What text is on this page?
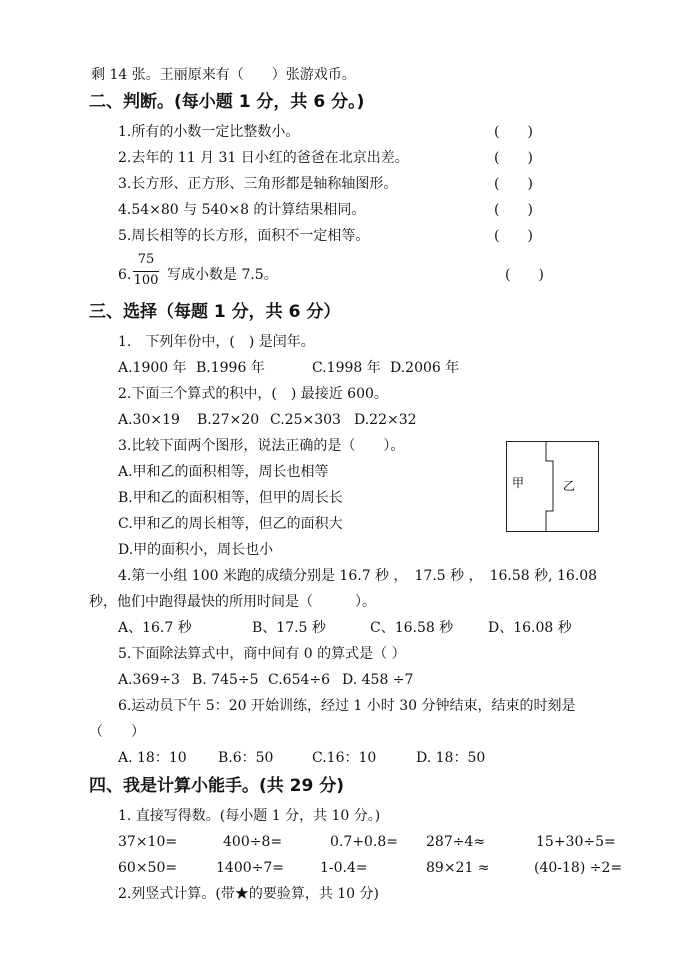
剩 14 张。王丽原来有（　　）张游戏币。
二、判断。(每小题 1 分，共 6 分。)
1.所有的小数一定比整数小。	(　　)
2.去年的 11 月 31 日小红的爸爸在北京出差。	(　　)
3.长方形、正方形、三角形都是轴称轴图形。	(　　)
4.54×80 与 540×8 的计算结果相同。	(　　)
5.周长相等的长方形，面积不一定相等。	(　　)
6.
75
100 写成小数是 7.5。	(　　)
三、选择（每题 1 分，共 6 分）
1.　下列年份中，(　) 是闰年。
A.1900 年 B.1996 年	C.1998 年 D.2006 年
2.下面三个算式的积中，(　) 最接近 600。
A.30×19 B.27×20 C.25×303 D.22×32
3.比较下面两个图形，说法正确的是（　　）。
A.甲和乙的面积相等，周长也相等
B.甲和乙的面积相等，但甲的周长长
C.甲和乙的周长相等，但乙的面积大
D.甲的面积小，周长也小
甲	乙
4.第一小组 100 米跑的成绩分别是 16.7 秒 ，　17.5 秒 ，　16.58 秒, 16.08
秒，他们中跑得最快的所用时间是（　　　）。
A、16.7 秒	B、17.5 秒	C、16.58 秒 D、16.08 秒
5.下面除法算式中，商中间有 0 的算式是（ ）
A.369÷3 B. 745÷5 C.654÷6 D. 458 ÷7
6.运动员下午 5：20 开始训练，经过 1 小时 30 分钟结束，结束的时刻是
（　　）
A. 18：10 B.6：50	C.16：10	D. 18：50
四、我是计算小能手。(共 29 分)
1. 直接写得数。(每小题 1 分，共 10 分。)
37×10=	400÷8=	0.7+0.8= 287÷4≈	15+30÷5=
60×50=	1400÷7=	1-0.4=	89×21 ≈	(40-18) ÷2=
2.列竖式计算。(带★的要验算，共 10 分)
